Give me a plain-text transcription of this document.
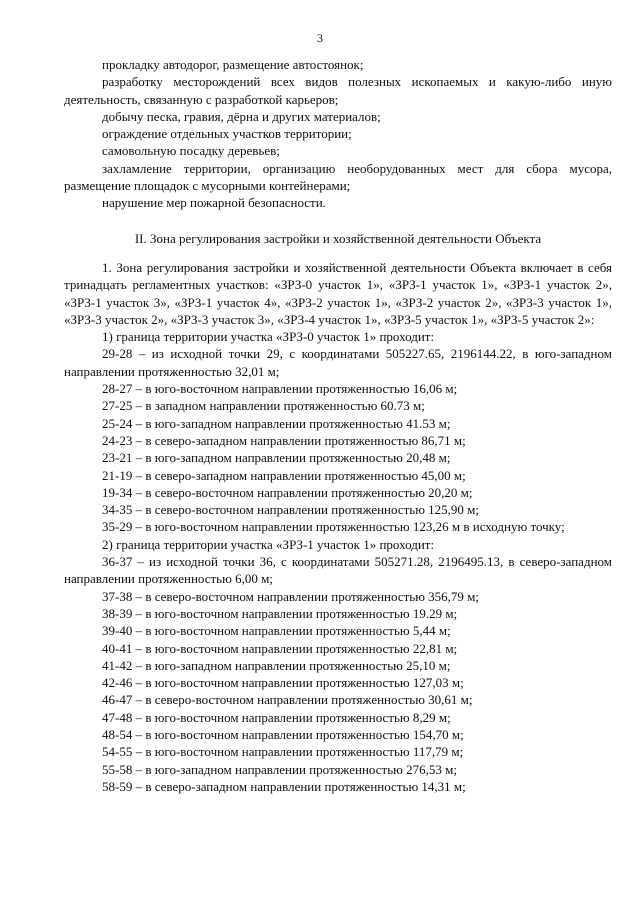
3

прокладку автодорог, размещение автостоянок;

разработку месторождений всех видов полезных ископаемых и какую-либо иную деятельность, связанную с разработкой карьеров;

добычу песка, гравия, дёрна и других материалов;

ограждение отдельных участков территории;

самовольную посадку деревьев;

захламление территории, организацию необорудованных мест для сбора мусора, размещение площадок с мусорными контейнерами;

нарушение мер пожарной безопасности.

II. Зона регулирования застройки и хозяйственной деятельности Объекта

1. Зона регулирования застройки и хозяйственной деятельности Объекта включает в себя тринадцать регламентных участков: «ЗРЗ-0 участок 1», «ЗРЗ-1 участок 1», «ЗРЗ-1 участок 2», «ЗРЗ-1 участок 3», «ЗРЗ-1 участок 4», «ЗРЗ-2 участок 1», «ЗРЗ-2 участок 2», «ЗРЗ-3 участок 1», «ЗРЗ-3 участок 2», «ЗРЗ-3 участок 3», «ЗРЗ-4 участок 1», «ЗРЗ-5 участок 1», «ЗРЗ-5 участок 2»:

1) граница территории участка «ЗРЗ-0 участок 1» проходит:

29-28 – из исходной точки 29, с координатами 505227.65, 2196144.22, в юго-западном направлении протяженностью 32,01 м;

28-27 – в юго-восточном направлении протяженностью 16,06 м;

27-25 – в западном направлении протяженностью 60.73 м;

25-24 – в юго-западном направлении протяженностью 41.53 м;

24-23 – в северо-западном направлении протяженностью 86,71 м;

23-21 – в юго-западном направлении протяженностью 20,48 м;

21-19 – в северо-западном направлении протяженностью 45,00 м;

19-34 – в северо-восточном направлении протяженностью 20,20 м;

34-35 – в северо-восточном направлении протяженностью 125,90 м;

35-29 – в юго-восточном направлении протяженностью 123,26 м в исходную точку;

2) граница территории участка «ЗРЗ-1 участок 1» проходит:

36-37 – из исходной точки 36, с координатами 505271.28, 2196495.13, в северо-западном направлении протяженностью 6,00 м;

37-38 – в северо-восточном направлении протяженностью 356,79 м;

38-39 – в юго-восточном направлении протяженностью 19.29 м;

39-40 – в юго-восточном направлении протяженностью 5,44 м;

40-41 – в юго-восточном направлении протяженностью 22,81 м;

41-42 – в юго-западном направлении протяженностью 25,10 м;

42-46 – в юго-восточном направлении протяженностью 127,03 м;

46-47 – в северо-восточном направлении протяженностью 30,61 м;

47-48 – в юго-восточном направлении протяженностью 8,29 м;

48-54 – в юго-восточном направлении протяженностью 154,70 м;

54-55 – в юго-восточном направлении протяженностью 117,79 м;

55-58 – в юго-западном направлении протяженностью 276,53 м;

58-59 – в северо-западном направлении протяженностью 14,31 м;
